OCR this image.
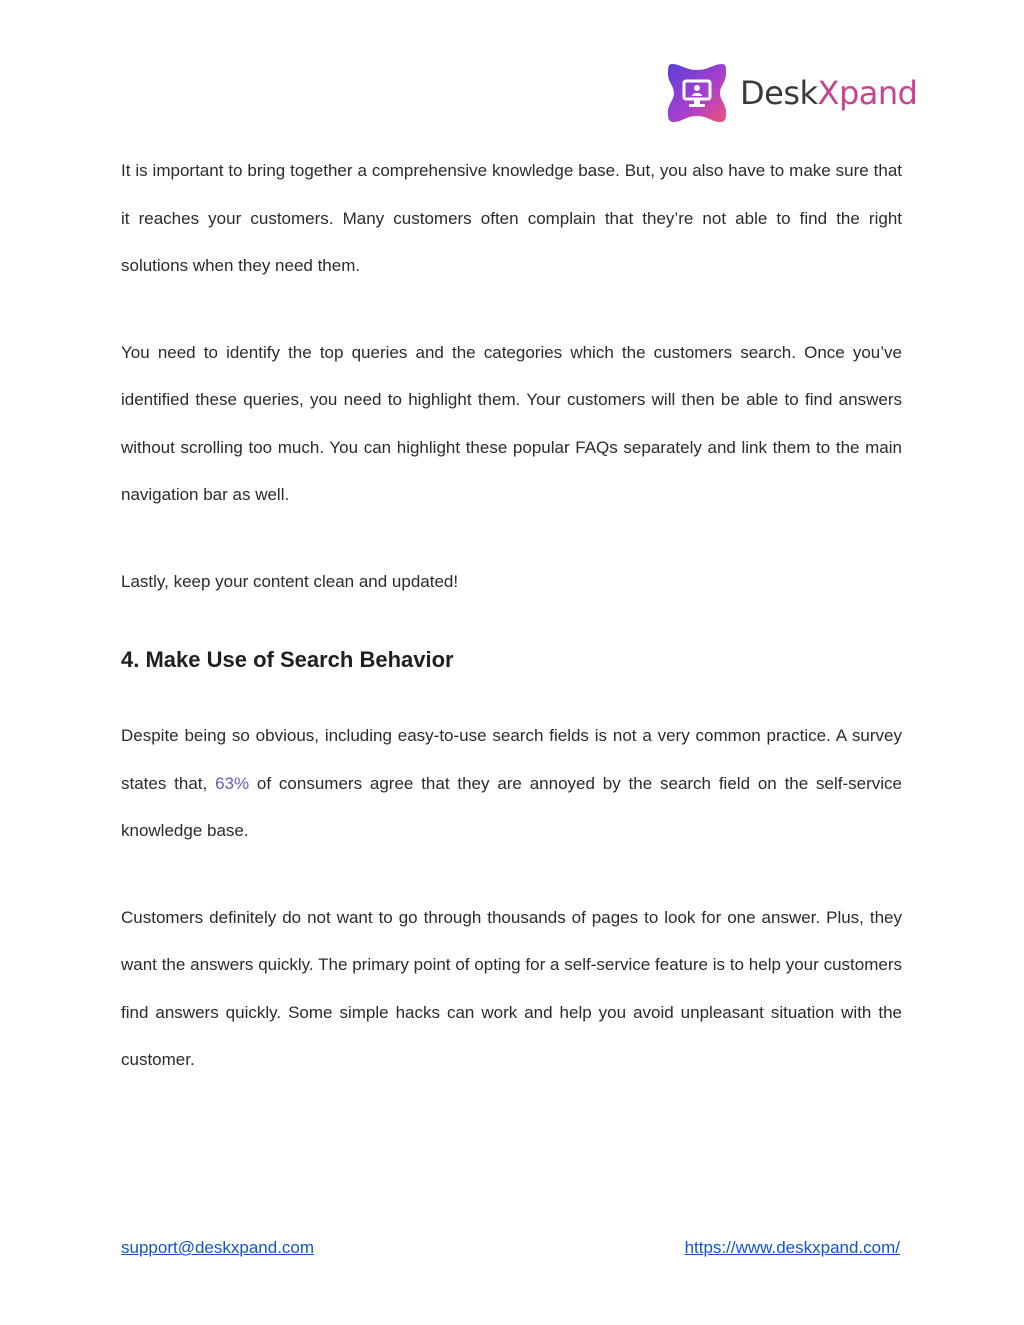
DeskXpand

It is important to bring together a comprehensive knowledge base. But, you also have to make sure that it reaches your customers. Many customers often complain that they’re not able to find the right solutions when they need them.

You need to identify the top queries and the categories which the customers search. Once you’ve identified these queries, you need to highlight them. Your customers will then be able to find answers without scrolling too much. You can highlight these popular FAQs separately and link them to the main navigation bar as well.

Lastly, keep your content clean and updated!

4. Make Use of Search Behavior

Despite being so obvious, including easy-to-use search fields is not a very common practice. A survey states that, 63% of consumers agree that they are annoyed by the search field on the self-service knowledge base.

Customers definitely do not want to go through thousands of pages to look for one answer. Plus, they want the answers quickly. The primary point of opting for a self-service feature is to help your customers find answers quickly. Some simple hacks can work and help you avoid unpleasant situation with the customer.

support@deskxpand.com	https://www.deskxpand.com/
